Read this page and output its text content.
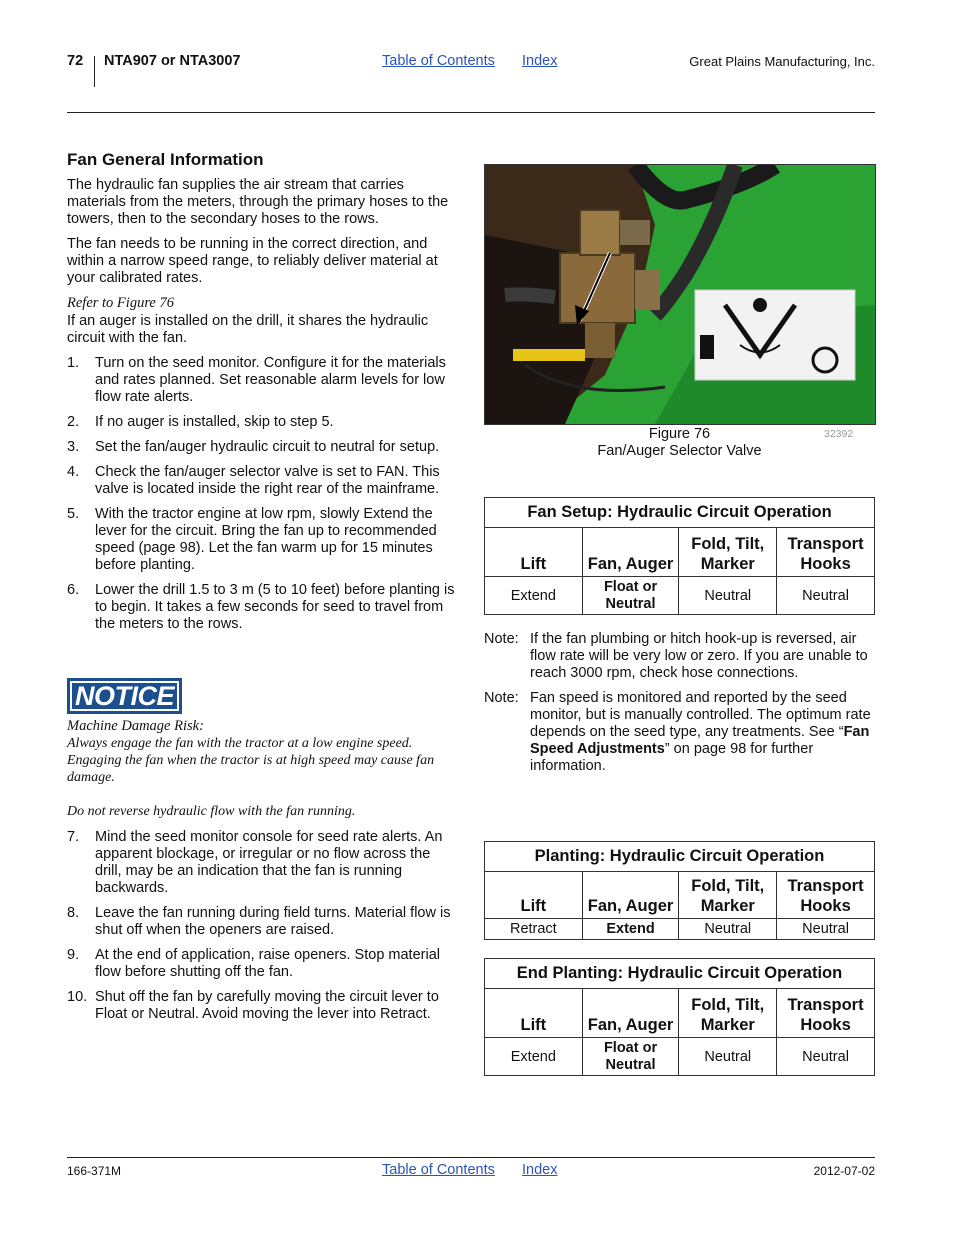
72 NTA907 or NTA3007	Table of Contents Index	Great Plains Manufacturing, Inc.
Fan General Information

The hydraulic fan supplies the air stream that carries materials from the meters, through the primary hoses to the towers, then to the secondary hoses to the rows.

The fan needs to be running in the correct direction, and within a narrow speed range, to reliably deliver material at your calibrated rates.

Refer to Figure 76

If an auger is installed on the drill, it shares the hydraulic circuit with the fan.

1. Turn on the seed monitor. Configure it for the materials and rates planned. Set reasonable alarm levels for low flow rate alerts.
2. If no auger is installed, skip to step 5.
3. Set the fan/auger hydraulic circuit to neutral for setup.
4. Check the fan/auger selector valve is set to FAN. This valve is located inside the right rear of the mainframe.
5. With the tractor engine at low rpm, slowly Extend the lever for the circuit. Bring the fan up to recommended speed (page 98). Let the fan warm up for 15 minutes before planting.
6. Lower the drill 1.5 to 3 m (5 to 10 feet) before planting is to begin. It takes a few seconds for seed to travel from the meters to the rows.
NOTICE

Machine Damage Risk:

Always engage the fan with the tractor at a low engine speed. Engaging the fan when the tractor is at high speed may cause fan damage.

Do not reverse hydraulic flow with the fan running.

7. Mind the seed monitor console for seed rate alerts. An apparent blockage, or irregular or no flow across the drill, may be an indication that the fan is running backwards.
8. Leave the fan running during field turns. Material flow is shut off when the openers are raised.
9. At the end of application, raise openers. Stop material flow before shutting off the fan.
10. Shut off the fan by carefully moving the circuit lever to Float or Neutral. Avoid moving the lever into Retract.
Figure 76
Fan/Auger Selector Valve
32392
Fan Setup: Hydraulic Circuit Operation			
Lift	Fan, Auger	Fold, Tilt, Marker	Transport Hooks
Extend	Float or Neutral	Neutral	Neutral
Note: If the fan plumbing or hitch hook-up is reversed, air flow rate will be very low or zero. If you are unable to reach 3000 rpm, check hose connections.
Note: Fan speed is monitored and reported by the seed monitor, but is manually controlled. The optimum rate depends on the seed type, any treatments. See “Fan Speed Adjustments” on page 98 for further information.
Planting: Hydraulic Circuit Operation			
Lift	Fan, Auger	Fold, Tilt, Marker	Transport Hooks
Retract	Extend	Neutral	Neutral
End Planting: Hydraulic Circuit Operation			
Lift	Fan, Auger	Fold, Tilt, Marker	Transport Hooks
Extend	Float or Neutral	Neutral	Neutral
166-371M	Table of Contents Index	2012-07-02
